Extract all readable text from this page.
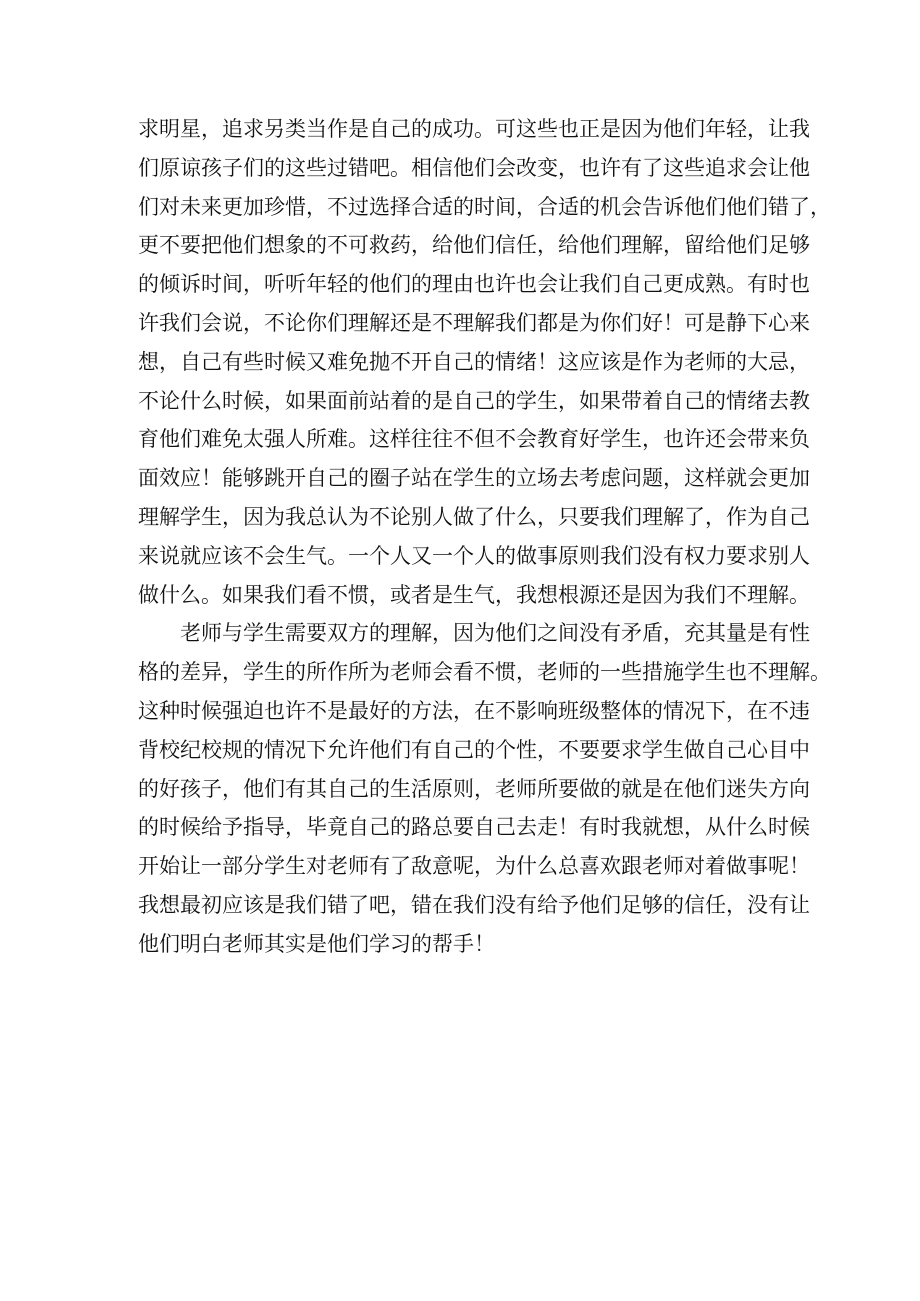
求明星，追求另类当作是自己的成功。可这些也正是因为他们年轻，让我
们原谅孩子们的这些过错吧。相信他们会改变，也许有了这些追求会让他
们对未来更加珍惜，不过选择合适的时间，合适的机会告诉他们他们错了，
更不要把他们想象的不可救药，给他们信任，给他们理解，留给他们足够
的倾诉时间，听听年轻的他们的理由也许也会让我们自己更成熟。有时也
许我们会说，不论你们理解还是不理解我们都是为你们好！可是静下心来
想，自己有些时候又难免抛不开自己的情绪！这应该是作为老师的大忌，
不论什么时候，如果面前站着的是自己的学生，如果带着自己的情绪去教
育他们难免太强人所难。这样往往不但不会教育好学生，也许还会带来负
面效应！能够跳开自己的圈子站在学生的立场去考虑问题，这样就会更加
理解学生，因为我总认为不论别人做了什么，只要我们理解了，作为自己
来说就应该不会生气。一个人又一个人的做事原则我们没有权力要求别人
做什么。如果我们看不惯，或者是生气，我想根源还是因为我们不理解。
老师与学生需要双方的理解，因为他们之间没有矛盾，充其量是有性
格的差异，学生的所作所为老师会看不惯，老师的一些措施学生也不理解。
这种时候强迫也许不是最好的方法，在不影响班级整体的情况下，在不违
背校纪校规的情况下允许他们有自己的个性，不要要求学生做自己心目中
的好孩子，他们有其自己的生活原则，老师所要做的就是在他们迷失方向
的时候给予指导，毕竟自己的路总要自己去走！有时我就想，从什么时候
开始让一部分学生对老师有了敌意呢，为什么总喜欢跟老师对着做事呢！
我想最初应该是我们错了吧，错在我们没有给予他们足够的信任，没有让
他们明白老师其实是他们学习的帮手！
